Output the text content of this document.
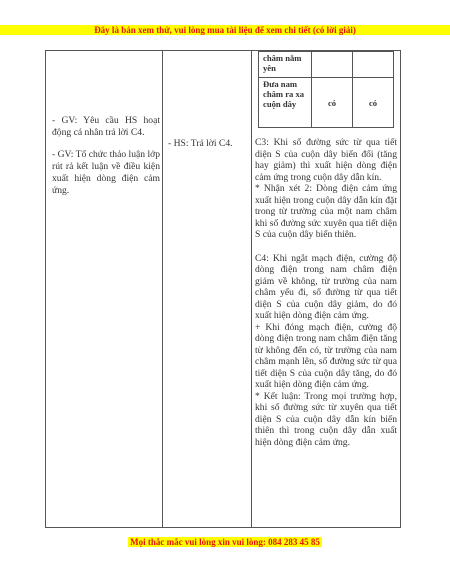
Đây là bản xem thử, vui lòng mua tài liệu để xem chi tiết (có lời giải)

- GV: Yêu cầu HS hoạt động cá nhân trả lời C4.

- GV: Tổ chức thảo luận lớp rút rả kết luận về điều kiện xuất hiện dòng điện cảm ứng.

- HS: Trả lời C4.
châm nằm yên		
Đưa nam châm ra xa cuộn dây	có	có

C3: Khi số đường sức từ qua tiết diện S của cuộn dây biến đổi (tăng hay giảm) thì xuất hiện dòng điện cảm ứng trong cuộn dây dẫn kín.

* Nhận xét 2: Dòng điện cảm ứng xuất hiện trong cuộn dây dẫn kín đặt trong từ trường của một nam châm khi số đường sức xuyên qua tiết diện S của cuộn dây biến thiên.

C4: Khi ngắt mạch điện, cường độ dòng điện trong nam châm điện giảm về không, từ trường của nam châm yếu đi, số đường từ qua tiết diện S của cuộn dây giảm, do đó xuất hiện dòng điện cảm ứng.

+ Khi đóng mạch điện, cường độ dòng điện trong nam châm điện tăng từ không đến có, từ trường của nam châm mạnh lên, số đường sức từ qua tiết diện S của cuộn dây tăng, do đó xuất hiện dòng điện cảm ứng.

* Kết luận: Trong mọi trường hợp, khi số đường sức từ xuyên qua tiết diện S của cuộn dây dẫn kín biến thiên thì trong cuộn dây dẫn xuất hiện dòng điện cảm ứng.

Mọi thắc mắc vui lòng xin vui lòng: 084 283 45 85
